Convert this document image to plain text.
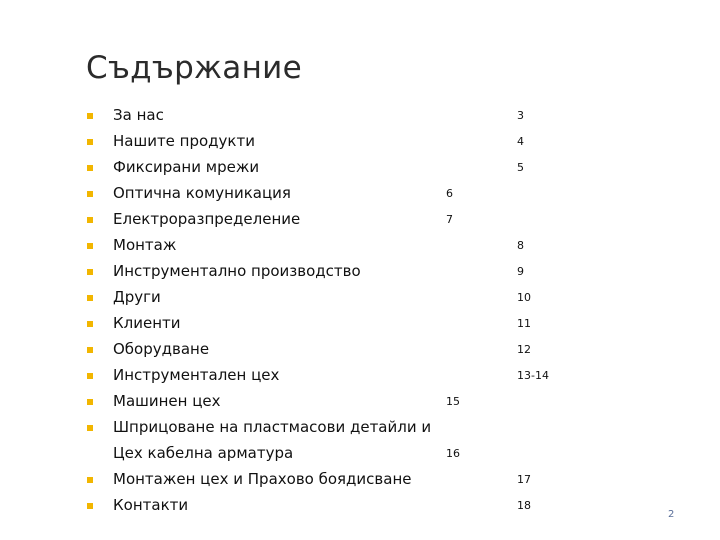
Съдържание
За нас	3
Нашите продукти	4
Фиксирани мрежи	5
Оптична комуникация	6
Електроразпределение	7
Монтаж	8
Инструментално производство	9
Други	10
Клиенти	11
Оборудване	12
Инструментален цех	13-14
Машинен цех	15
Шприцоване на пластмасови детайли и
Цех кабелна арматура	16
Монтажен цех и Прахово боядисване	17
Контакти	18
2
